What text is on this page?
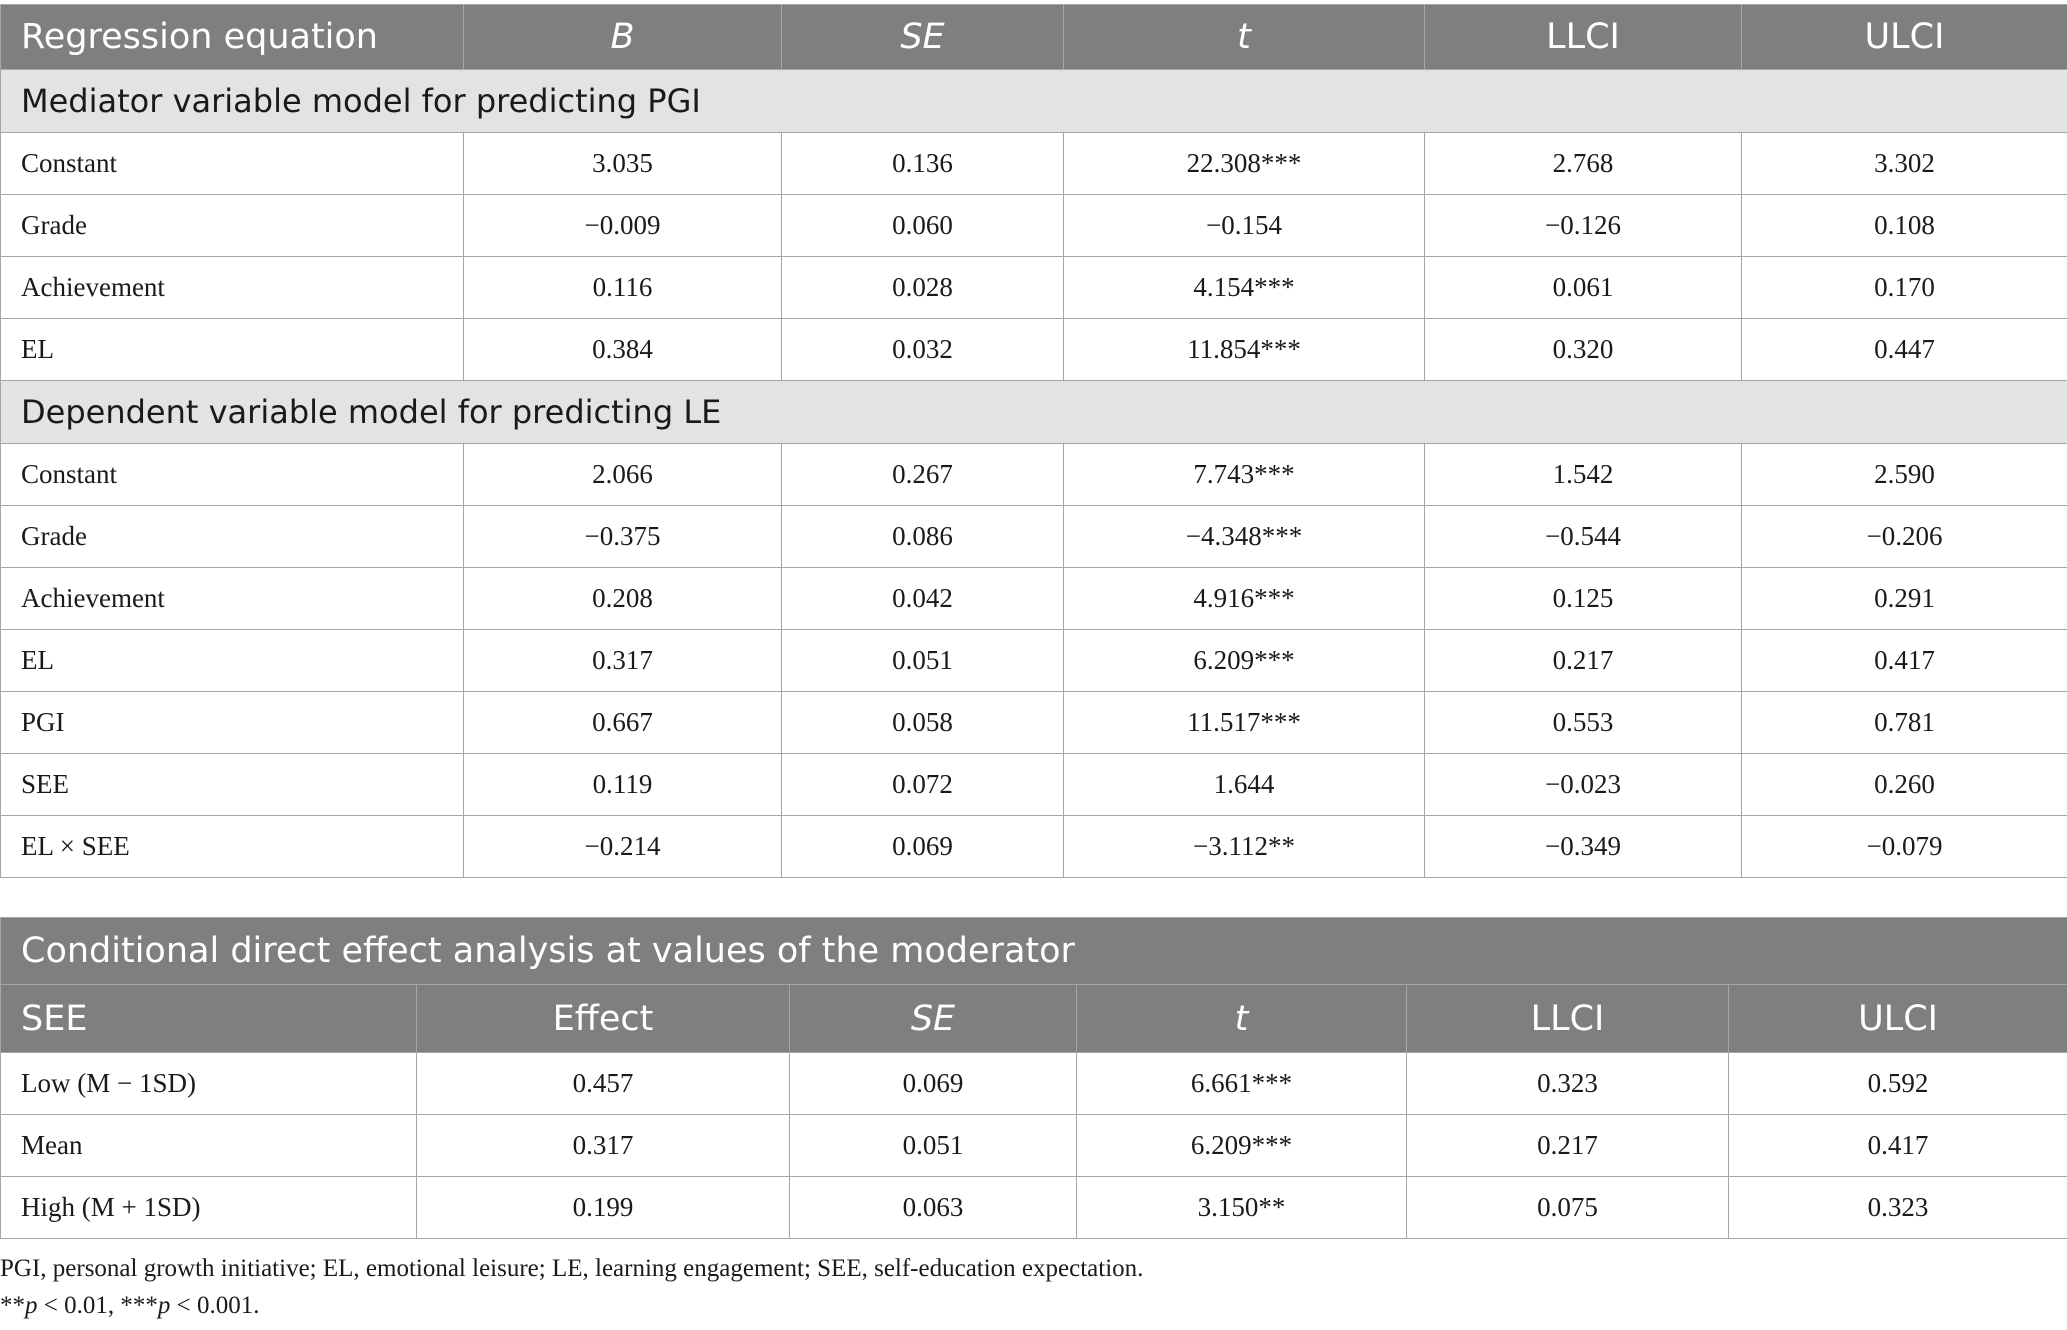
Regression equation	B	SE	t	LLCI	ULCI
Mediator variable model for predicting PGI					
Constant	3.035	0.136	22.308***	2.768	3.302
Grade	−0.009	0.060	−0.154	−0.126	0.108
Achievement	0.116	0.028	4.154***	0.061	0.170
EL	0.384	0.032	11.854***	0.320	0.447
Dependent variable model for predicting LE					
Constant	2.066	0.267	7.743***	1.542	2.590
Grade	−0.375	0.086	−4.348***	−0.544	−0.206
Achievement	0.208	0.042	4.916***	0.125	0.291
EL	0.317	0.051	6.209***	0.217	0.417
PGI	0.667	0.058	11.517***	0.553	0.781
SEE	0.119	0.072	1.644	−0.023	0.260
EL × SEE	−0.214	0.069	−3.112**	−0.349	−0.079
Conditional direct effect analysis at values of the moderator					
SEE	Effect	SE	t	LLCI	ULCI
Low (M − 1SD)	0.457	0.069	6.661***	0.323	0.592
Mean	0.317	0.051	6.209***	0.217	0.417
High (M + 1SD)	0.199	0.063	3.150**	0.075	0.323
PGI, personal growth initiative; EL, emotional leisure; LE, learning engagement; SEE, self-education expectation.
**p < 0.01, ***p < 0.001.
